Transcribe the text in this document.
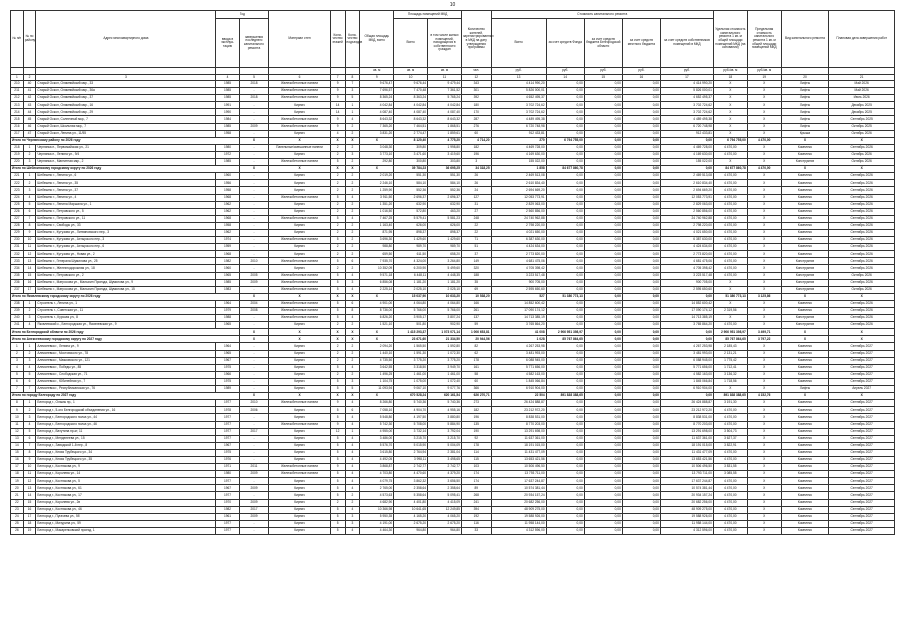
10
№ п/п	№ по району	Адрес многоквартирного дома	Год		Материал стен	Коли-чество этажей	Коли-чество подъездов	Общая площадь МКД, всего	Площадь помещений МКД		Количество жителей, зарегистрированных в МКД на дату утверждения программы	Стоимость капитального ремонта					Удельная стоимость капитального ремонта 1 кв. м общей площади помещений МКД (на основании)	Предельная стоимость капитального ремонта 1 кв. м общей площади помещений МКД	Вид капитального ремонта	Плановая дата завершения работ
			ввода в эксплуа-тацию	завершения последнего капитального ремонта					Всего	в том числе жилых помещений, находящихся в собственности граждан		Всего	за счет средств Фонда	за счет средств бюджета Белгородской области	за счет средств местного бюджета	за счет средств собственников помещений в МКД				
								кв. м	кв. м	кв. м	чел.	руб.	руб.	руб.	руб.	руб.	руб./кв. м	руб./кв. м		
1	2	3	4	5	6	7	8	9	10	11	12	13	14	15	16	17	18	19	20	21
210	40	Старый Оскол, Олимпийский мкр., 33	1985	2018	Железобетонные панели	9	7	9 676,47	9 676,44	9 479,44	343	4 414 990,20	0,00	0,00	0,00	4 414 990,20	X	X	Лифты	Май 2026
211	41	Старый Оскол, Олимпийский мкр., 36а	1985	-	Железобетонные панели	9	3	7 696,57	7 470,48	7 361,52	301	5 826 000,01	0,00	0,00	0,00	5 826 000,01	X	X	Лифты	Май 2026
212	42	Старый Оскол, Олимпийский мкр., 37	1985	2018	Железобетонные панели	9	5	8 365,24	8 363,24	5 765,24	392	4 652 495,37	0,00	0,00	0,00	4 652 495,37	X	X	Лифты	Июль 2026
213	43	Старый Оскол, Олимпийский мкр., 16	1991	-	Кирпич	14	1	4 042,84	4 042,84	4 042,84	180	3 702 724,62	0,00	0,00	0,00	3 702 724,62	X	X	Лифты	Декабрь 2025
214	44	Старый Оскол, Олимпийский мкр., 29	1990	-	Кирпич	14	1	4 087,40	4 087,40	4 087,40	170	3 702 724,62	0,00	0,00	0,00	3 702 724,62	X	X	Лифты	Декабрь 2025
215	45	Старый Оскол, Солнечный мкр., 7	1984	-	Железобетонные панели	9	4	8 643,32	8 643,32	8 643,32	287	4 489 495,38	0,00	0,00	0,00	4 489 495,38	X	X	Лифты	Сентябрь 2025
216	46	Старый Оскол, Школьная мкр., 7	1985	2009	Железобетонные панели	9	2	7 365,20	7 464,51	1 868,51	276	6 720 748,98	0,00	0,00	0,00	6 720 748,98	X	X	Лифты	Октябрь 2025
217	47	Старый Оскол, Ленина ул., 11/55	1958	-	Кирпич	4	2	3 831,20	2 774,47	1 859,61	60	912 433,81	0,00	0,00	0,00	912 433,81	X	X	Крыша	Октябрь 2026
Итого по Чернянскому району по 2026 году				X	X	X	X	X	8 120,40	4 775,20	4 714,20	270	6 794 755,00	0,00	0,00	0,00	6 794 755,00	4 470,00	X	X
218	1	Чернянка п., Первомайская ул., 21	1980	-	Панельные/смешанные панели	2	2	3 048,30	309,80	1 998,80	182	4 469 728,00	0,00	0,00	0,00	4 469 728,00	4 470,00	X	Комплекс	Сентябрь 2026
219	2	Чернянка п., Ленина ул., 9/4	1972	-	Кирпич	2	3	3 773,10	3 471,60	3 419,60	196	4 169 630,00	0,00	0,00	0,00	4 169 630,00	4 470,00	X	Комплекс	Октябрь 2026
220	3	Чернянка п., Магнитная мкр., 2	1985	-	Железобетонные панели	5	2	292,80	300,80	303,80	3	155 022,00	0,00	0,00	0,00	155 022,00	X	X	Конструктив	Октябрь 2026
Итого по Шебекинскому городскому округу по 2026 году				X	X	X	X	X	39 784,23	36 695,25	34 318,25	1 858	84 677 860,78	0,00	0,00	0,00	84 677 860,78	4 470,00	X	X
221	1	Шебекино г., Ленина ул., 6	1960	-	Кирпич	2	2	2 019,20	551,30	551,30	26	2 469 513,08	0,00	0,00	0,00	2 469 513,08	4 470,00	X	Комплекс	Сентябрь 2026
222	2	Шебекино г., Ленина ул., 35	1956	-	Кирпич	2	2	2 246,10	584,10	584,10	26	2 610 834,40	0,00	0,00	0,00	2 610 834,40	4 470,00	X	Комплекс	Сентябрь 2026
223	3	Шебекино г., Ленина ул., 37	1958	-	Кирпич	2	2	1 259,90	552,36	552,36	24	2 694 669,20	0,00	0,00	0,00	2 694 669,20	4 470,00	X	Комплекс	Сентябрь 2026
224	4	Шебекино г., Ленина ул., 4	1968	-	Железобетонные панели	5	4	3 911,50	2 696,37	2 696,37	127	12 053 773,91	0,00	0,00	0,00	12 053 773,91	4 470,00	X	Комплекс	Сентябрь 2026
225	5	Шебекино г., Ленина Маршала ул., 1	1962	-	Кирпич	2	2	1 351,20	632,90	632,90	31	2 829 063,00	0,00	0,00	0,00	2 829 063,00	4 470,00	X	Комплекс	Сентябрь 2026
226	6	Шебекино г., Петровского ул., 5	1962	-	Кирпич	2	2	1 016,50	572,80	463,20	27	2 560 856,00	0,00	0,00	0,00	2 560 856,00	4 470,00	X	Комплекс	Сентябрь 2026
227	7	Шебекино г., Петровского ул., 11	1968	-	Железобетонные панели	5	4	7 467,25	5 579,41	5 581,23	248	24 740 962,88	0,00	0,00	0,00	24 740 962,88	4 470,00	X	Комплекс	Сентябрь 2026
228	8	Шебекино г., Свободы ул., 33	1958	-	Кирпич	2	2	1 163,40	626,00	626,00	22	2 798 220,00	0,00	0,00	0,00	2 798 220,00	4 470,00	X	Комплекс	Сентябрь 2026
229	9	Шебекино г., Кутузова ул., Литвиновского пер., 3	1962	-	Кирпич	2	2	871,95	898,37	898,37	22	4 021 650,00	0,00	0,00	0,00	4 021 650,00	4 470,00	X	Комплекс	Сентябрь 2026
230	10	Шебекино г., Кутузова ул., Ахтырского пер., 3	1974	-	Железобетонные панели	5	2	3 696,30	1 429,60	1 429,60	71	6 387 630,00	0,00	0,00	0,00	6 387 630,00	4 470,00	X	Комплекс	Сентябрь 2026
231	11	Шебекино г., Кутузова ул., Ахтырского пер., 6	1959	-	Кирпич	2	2	988,80	989,70	989,70	51	4 424 634,00	0,00	0,00	0,00	4 424 634,00	4 470,00	X	Комплекс	Сентябрь 2026
232	12	Шебекино г., Кутузова ул., Новая ул., 2	1968	-	Кирпич	2	2	659,50	611,50	658,20	37	2 773 820,00	0,00	0,00	0,00	2 773 820,00	4 470,00	X	Комплекс	Сентябрь 2026
233	13	Шебекино г., Генерала Шумилова ул., 25	1982	2010	Железобетонные панели	5	6	7 935,70	4 324,00	3 264,80	149	4 681 475,06	0,00	0,00	0,00	4 681 475,06	4 470,00	X	Конструктив	Сентябрь 2026
234	14	Шебекино г., Железнодорожная ул., 18	1960	-	Кирпич	2	2	10 352,09	6 200,90	5 499,60	320	4 705 398,42	0,00	0,00	0,00	4 705 398,42	4 470,00	X	Конструктив	Сентябрь 2026
235	15	Шебекино г., Петровского ул., 2	1965	2005	Железобетонные панели	5	4	9 571,18	6 448,11	4 448,35	188	3 223 517,48	0,00	0,00	0,00	3 223 517,48	4 470,00	X	Конструктив	Октябрь 2026
236	16	Шебекино г., Матросова ул., Малыхин Проезда, Шумилова ул., 9	1985	2009	Железобетонные панели	5	3	6 856,08	1 181,20	1 181,20	35	900 705,00	0,00	0,00	0,00	900 705,00	X	X	Конструктив	Сентябрь 2026
237	17	Шебекино г., Матросова ул., Малыхин Проезда, Шумилова ул., 15	1983	-	Железобетонные панели	5	4	2 225,14	2 025,10	2 025,10	69	2 595 650,60	0,00	0,00	0,00	2 595 650,60	X	X	Конструктив	Октябрь 2026
Итого по Яковлевскому городскому округу по 2026 году				X	X	X	X	X	15 037,90	10 633,20	10 538,20	527	51 380 773,13	0,00	0,00	0,00	51 380 773,13	3 125,86	X	X
238	1	Строитель г., Ленина ул., 1	1964	2004	Железобетонные панели	5	6	4 901,00	4 064,80	4 064,80	166	14 852 600,42	0,00	0,00	0,00	14 852 600,42	X	X	Комплекс	Сентябрь 2026
239	2	Строитель г., Советская ул., 11	1979	2008	Железобетонные панели	5	8	8 736,00	5 766,00	5 766,00	261	17 090 174,12	0,00	0,00	0,00	17 090 174,12	2 319,56	X	Комплекс	Сентябрь 2026
240	3	Строитель г., Курская ул., 8	1988	-	Железобетонные панели	5	4	6 826,20	3 905,17	3 807,24	137	14 713 385,19	0,00	0,00	0,00	14 713 385,19	X	X	Конструктив	Сентябрь 2026
241	4	Яковлевский с., Белгородская ул., Яковлевская ул., 9	1965	-	Кирпич	2	2	1 521,10	501,80	902,90	59	3 765 864,20	0,00	0,00	0,00	3 765 864,20	4 470,00	X	Конструктив	Сентябрь 2026
Итого по Белгородской области по 2026 году				X	X	X	X	X	1 415 293,37	1 073 071,14	1 006 653,81	41 008	2 906 951 398,97	0,00	0,00	0,00	2 906 951 398,97	3 499,71	X	X
Итого по Алексеевскому городскому округу по 2027 году				X	X	X	X	X	23 671,60	21 334,50	20 944,56	1 028	85 767 864,65	0,00	0,00	0,00	85 767 864,65	3 797,22	X	X
1	1	Алексеевка г., Ленина ул., 9	1964	-	Кирпич	2	2	2 094,20	1 565,50	1 592,80	82	4 267 253,98	0,00	0,00	0,00	4 267 253,98	2 185,43	X	Комплекс	Сентябрь 2027
2	2	Алексеевка г., Мостовского ул., 78	1965	-	Кирпич	2	2	1 440,10	1 591,30	1 072,30	62	3 481 993,00	0,00	0,00	0,00	3 481 993,00	2 131,21	X	Комплекс	Сентябрь 2027
3	3	Алексеевка г., Маяковского ул., 121	1967	-	Кирпич	2	2	4 735,50	3 775,20	3 775,20	178	6 088 945,00	0,00	0,00	0,00	6 088 945,00	1 775,42	X	Комплекс	Сентябрь 2027
4	4	Алексеевка г., Победы ул., 85	1975	-	Кирпич	5	4	3 642,55	3 318,50	3 949,70	161	5 771 656,00	0,00	0,00	0,00	5 771 656,00	1 712,41	X	Комплекс	Сентябрь 2027
5	5	Алексеевка г., Слободская ул., 71	1966	-	Кирпич	2	2	1 496,25	1 461,00	1 461,00	58	4 582 163,00	0,00	0,00	0,00	4 582 163,00	3 136,32	X	Комплекс	Сентябрь 2027
6	6	Алексеевка г., Юбилейная ул., 7	1975	-	Кирпич	5	3	1 104,75	1 075,00	1 072,40	60	1 845 066,84	0,00	0,00	0,00	1 845 066,84	1 718,56	X	Комплекс	Сентябрь 2027
7	7	Алексеевка г., Республиканская ул., 76	1989	-	Кирпич	5	5	11 093,94	9 067,10	9 077,76	366	6 910 904,00	0,00	0,00	0,00	6 910 904,00	X	X	Лифты	Апрель 2027
Итого по городу Белгороду по 2027 году				X	X	X	X	X	670 528,24	620 161,54	626 270,71	22 504	891 838 388,65	0,00	0,00	0,00	891 838 388,65	4 152,76	X	X
8	1	Белгород г., Ольмы пр., 1	1977	2010	Железобетонные панели	9	4	8 266,80	5 740,36	5 740,36	273	26 424 888,87	0,00	0,00	0,00	26 424 888,87	3 191,30	X	Комплекс	Сентябрь 2027
9	2	Белгород г., 5-ого Белгородский объединения ул., 16	1978	2006	Кирпич	5	6	7 058,10	4 904,70	4 955,16	182	23 212 972,20	0,00	0,00	0,00	23 212 972,20	4 470,00	X	Комплекс	Сентябрь 2027
10	3	Белгород г., Белгородского полка ул., 44	1977	-	Кирпич	5	4	5 548,80	4 197,50	3 880,80	196	8 838 531,00	0,00	0,00	0,00	8 838 531,00	4 470,00	X	Комплекс	Сентябрь 2027
11	4	Белгород г., Белгородского полка ул., 46	1977	-	Железобетонные панели	9	4	5 742,30	5 708,00	5 884,90	135	8 770 203,00	0,00	0,00	0,00	8 770 203,00	4 470,00	X	Комплекс	Сентябрь 2027
12	5	Белгород г., Ватутина пр-кт, 11	1977	2017	Кирпич	12	1	4 955,00	3 732,14	3 792,04	190	13 291 698,00	0,00	0,00	0,00	13 291 698,00	3 504,73	X	Комплекс	Сентябрь 2027
13	6	Белгород г., Менделеева ул., 15	1977	-	Кирпич	5	4	3 486,00	3 215,70	3 215,70	92	11 637 361,00	0,00	0,00	0,00	11 637 361,00	3 627,37	X	Комплекс	Сентябрь 2027
14	7	Белгород г., Заводской 1-й пер., 8	1967	-	Кирпич	5	4	5 576,70	5 015,90	5 004,09	178	18 191 015,00	0,00	0,00	0,00	18 191 015,00	3 822,91	X	Комплекс	Сентябрь 2027
15	8	Белгород г., Князя Трубецкого ул., 34	1975	-	Кирпич	5	4	3 615,80	2 764,94	2 381,04	114	11 431 477,09	0,00	0,00	0,00	11 431 477,09	4 470,00	X	Комплекс	Сентябрь 2027
16	9	Белгород г., Князя Трубецкого ул., 35	1976	-	Кирпич	5	4	4 492,05	3 998,11	3 498,65	115	13 653 421,56	0,00	0,00	0,00	13 653 421,56	4 470,00	X	Комплекс	Сентябрь 2027
17	10	Белгород г., Костюкова ул., 9	1971	2011	Железобетонные панели	9	4	3 868,87	2 742,77	2 742,77	103	10 506 496,50	0,00	0,00	0,00	10 506 496,50	3 831,55	X	Комплекс	Сентябрь 2027
18	11	Белгород г., Королева ул., 14	1980	2009	Железобетонные панели	5	4	4 703,80	4 470,60	4 379,20	174	13 793 711,00	0,00	0,00	0,00	13 793 711,00	3 085,55	X	Комплекс	Сентябрь 2027
19	12	Белгород г., Костюкова ул., 5	1977	-	Кирпич	5	4	4 079,75	3 862,32	3 656,50	174	17 637 244,87	0,00	0,00	0,00	17 637 244,87	4 470,00	X	Комплекс	Сентябрь 2027
20	13	Белгород г., Костюкова ул., 61	1967	2009	Кирпич	5	4	2 765,00	2 358,64	2 358,64	89	10 574 381,44	0,00	0,00	0,00	10 574 381,44	4 470,00	X	Комплекс	Сентябрь 2027
21	14	Белгород г., Костюкова ул., 17	1977	-	Кирпич	5	2	4 573,63	5 358,64	5 095,41	268	20 934 157,24	0,00	0,00	0,00	20 934 157,24	4 470,00	X	Комплекс	Сентябрь 2027
22	15	Белгород г., Королева ул., 2в	1970	2009	Кирпич	2	2	4 682,90	4 401,80	4 415,09	241	20 682 256,00	0,00	0,00	0,00	20 682 256,00	4 470,00	X	Комплекс	Сентябрь 2027
23	16	Белгород г., Костюкова ул., 46	1982	2017	Кирпич	5	4	10 366,98	10 641,65	12 249,85	394	48 909 275,00	0,00	0,00	0,00	48 909 275,00	4 470,00	X	Комплекс	Сентябрь 2027
24	17	Белгород г., Пугачева ул., 5б	1961	2009	Кирпич	5	3	5 950,35	4 165,20	4 065,20	192	19 588 926,00	0,00	0,00	0,00	19 588 926,00	4 470,00	X	Комплекс	Сентябрь 2027
25	18	Белгород г., Мичурина ул., 59	1977	-	Кирпич	5	3	4 191,00	2 675,20	2 675,20	116	11 958 144,00	0,00	0,00	0,00	11 958 144,00	4 470,00	X	Комплекс	Сентябрь 2027
26	19	Белгород г., Макаренковский проезд, 1	1977	-	Кирпич	5	4	4 464,30	964,80	964,80	33	4 312 596,00	0,00	0,00	0,00	4 312 596,00	4 470,00	X	Комплекс	Сентябрь 2027
